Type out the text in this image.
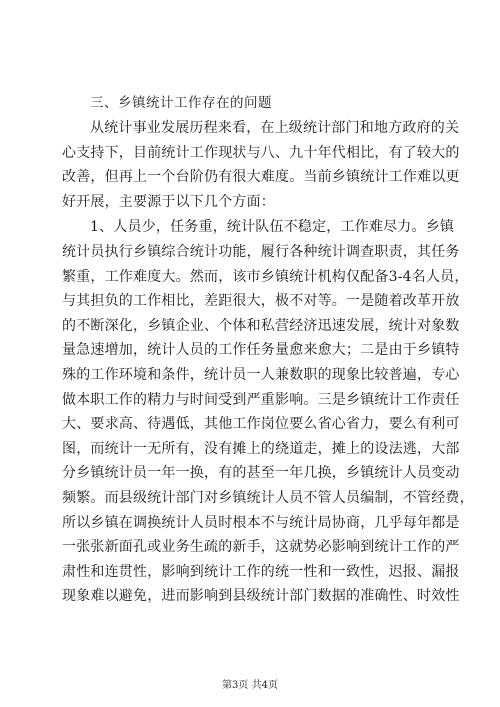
三、乡镇统计工作存在的问题
从统计事业发展历程来看，在上级统计部门和地方政府的关
心支持下，目前统计工作现状与八、九十年代相比，有了较大的
改善，但再上一个台阶仍有很大难度。当前乡镇统计工作难以更
好开展，主要源于以下几个方面：
1、人员少，任务重，统计队伍不稳定，工作难尽力。乡镇
统计员执行乡镇综合统计功能，履行各种统计调查职责，其任务
繁重，工作难度大。然而，该市乡镇统计机构仅配备3-4名人员，
与其担负的工作相比，差距很大，极不对等。一是随着改革开放
的不断深化，乡镇企业、个体和私营经济迅速发展，统计对象数
量急速增加，统计人员的工作任务量愈来愈大；二是由于乡镇特
殊的工作环境和条件，统计员一人兼数职的现象比较普遍，专心
做本职工作的精力与时间受到严重影响。三是乡镇统计工作责任
大、要求高、待遇低，其他工作岗位要么省心省力，要么有利可
图，而统计一无所有，没有摊上的绕道走，摊上的设法逃，大部
分乡镇统计员一年一换，有的甚至一年几换，乡镇统计人员变动
频繁。而县级统计部门对乡镇统计人员不管人员编制，不管经费，
所以乡镇在调换统计人员时根本不与统计局协商，几乎每年都是
一张张新面孔或业务生疏的新手，这就势必影响到统计工作的严
肃性和连贯性，影响到统计工作的统一性和一致性，迟报、漏报
现象难以避免，进而影响到县级统计部门数据的准确性、时效性
第3页 共4页
